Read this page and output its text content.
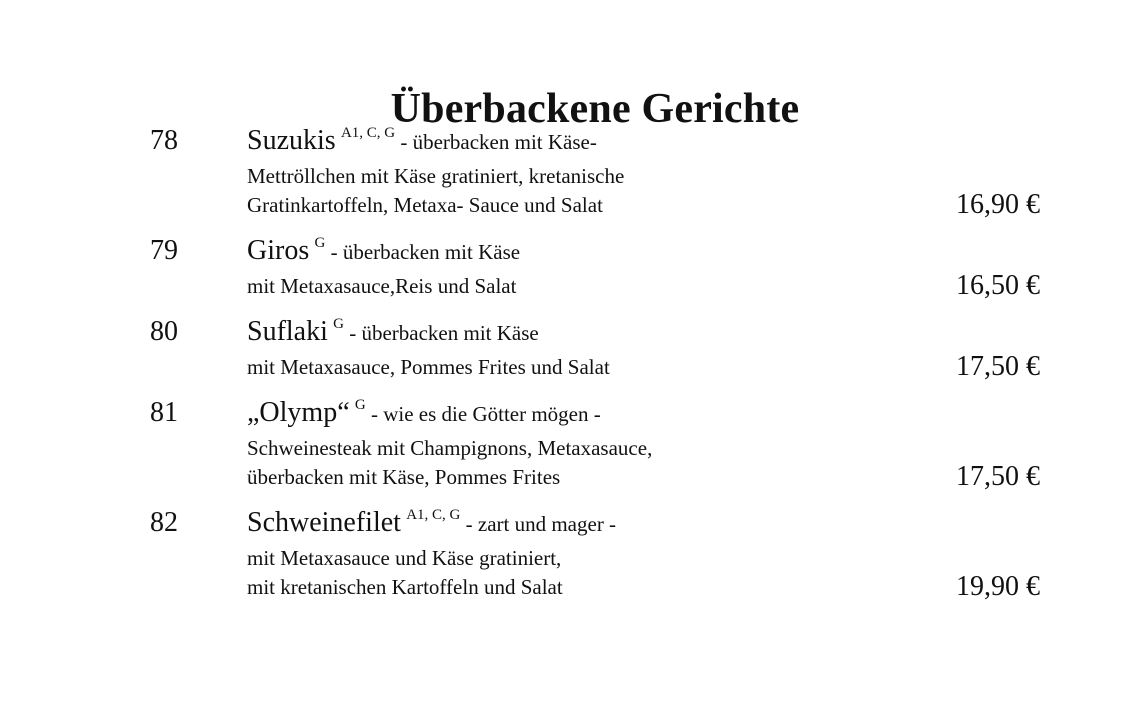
Überbackene Gerichte
78 Suzukis $^{A1, C, G}$ - überbacken mit Käse-
Mettröllchen mit Käse gratiniert, kretanische
Gratinkartoffeln, Metaxa- Sauce und Salat	16,90 €
79 Giros $^G$ - überbacken mit Käse
mit Metaxasauce,Reis und Salat	16,50 €
80 Suflaki $^G$ - überbacken mit Käse
mit Metaxasauce, Pommes Frites und Salat	17,50 €
81 „Olymp“ $^G$ - wie es die Götter mögen -
Schweinesteak mit Champignons, Metaxasauce,
überbacken mit Käse, Pommes Frites	17,50 €
82 Schweinefilet $^{A1, C, G}$ - zart und mager -
mit Metaxasauce und Käse gratiniert,
mit kretanischen Kartoffeln und Salat	19,90 €
